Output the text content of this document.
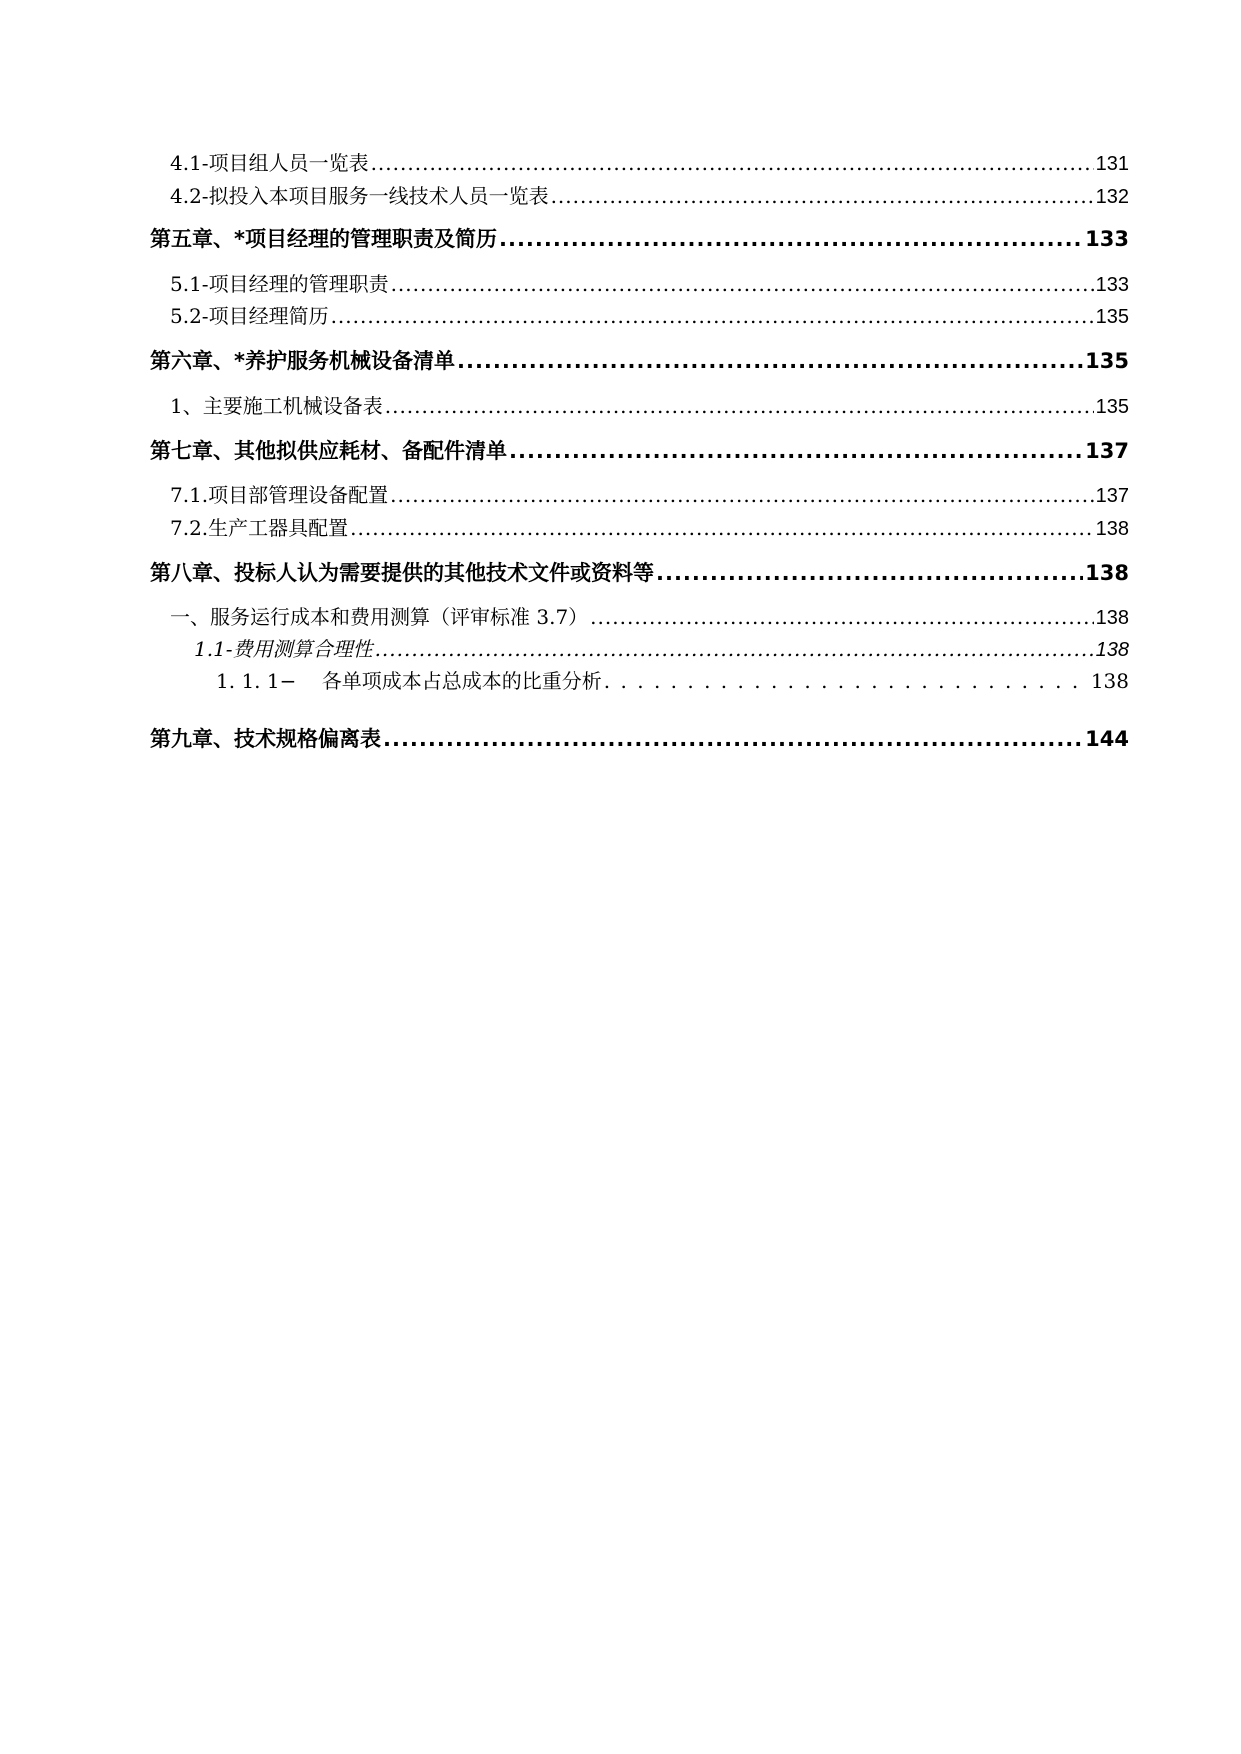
4.1-项目组人员一览表 .....	131
4.2-拟投入本项目服务一线技术人员一览表 .....	132
第五章、*项目经理的管理职责及简历 .....	133
5.1-项目经理的管理职责 .....	133
5.2-项目经理简历 .....	135
第六章、*养护服务机械设备清单 .....	135
1、主要施工机械设备表 .....	135
第七章、其他拟供应耗材、备配件清单 .....	137
7.1.项目部管理设备配置 .....	137
7.2.生产工器具配置 .....	138
第八章、投标人认为需要提供的其他技术文件或资料等 .....	138
一、服务运行成本和费用测算（评审标准 3.7） .....	138
1.1-费用测算合理性 .....	138
1. 1. 1−    各单项成本占总成本的比重分析 . . .	138
第九章、技术规格偏离表 .....	144
